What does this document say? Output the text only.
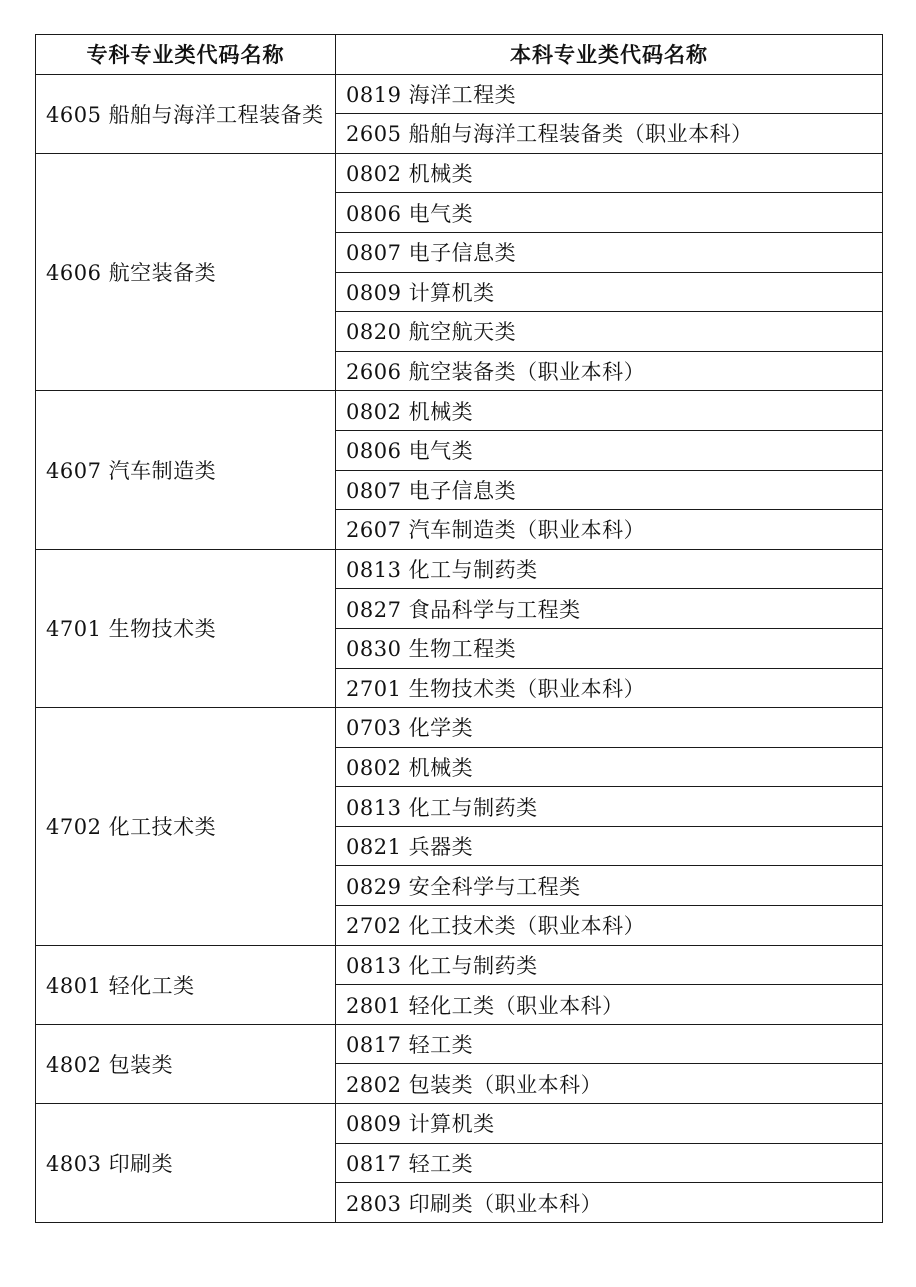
专科专业类代码名称	本科专业类代码名称
4605 船舶与海洋工程装备类	0819 海洋工程类
	2605 船舶与海洋工程装备类（职业本科）
4606 航空装备类	0802 机械类
	0806 电气类
	0807 电子信息类
	0809 计算机类
	0820 航空航天类
	2606 航空装备类（职业本科）
4607 汽车制造类	0802 机械类
	0806 电气类
	0807 电子信息类
	2607 汽车制造类（职业本科）
4701 生物技术类	0813 化工与制药类
	0827 食品科学与工程类
	0830 生物工程类
	2701 生物技术类（职业本科）
4702 化工技术类	0703 化学类
	0802 机械类
	0813 化工与制药类
	0821 兵器类
	0829 安全科学与工程类
	2702 化工技术类（职业本科）
4801 轻化工类	0813 化工与制药类
	2801 轻化工类（职业本科）
4802 包装类	0817 轻工类
	2802 包装类（职业本科）
4803 印刷类	0809 计算机类
	0817 轻工类
	2803 印刷类（职业本科）
